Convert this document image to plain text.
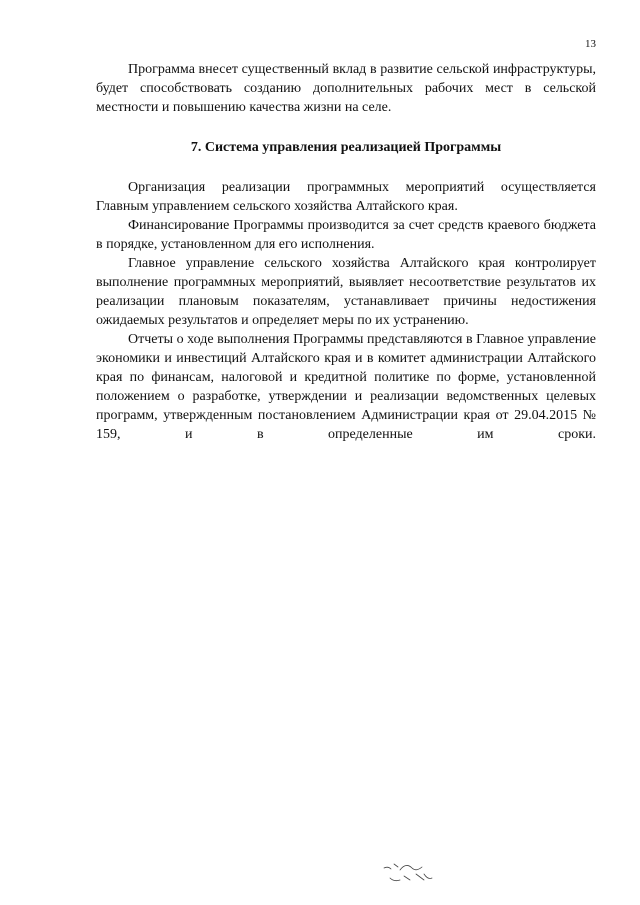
13

Программа внесет существенный вклад в развитие сельской инфраструктуры, будет способствовать созданию дополнительных рабочих мест в сельской местности и повышению качества жизни на селе.

7. Система управления реализацией Программы

Организация реализации программных мероприятий осуществляется Главным управлением сельского хозяйства Алтайского края.

Финансирование Программы производится за счет средств краевого бюджета в порядке, установленном для его исполнения.

Главное управление сельского хозяйства Алтайского края контролирует выполнение программных мероприятий, выявляет несоответствие результатов их реализации плановым показателям, устанавливает причины недостижения ожидаемых результатов и определяет меры по их устранению.

Отчеты о ходе выполнения Программы представляются в Главное управление экономики и инвестиций Алтайского края и в комитет администрации Алтайского края по финансам, налоговой и кредитной политике по форме, установленной положением о разработке, утверждении и реализации ведомственных целевых программ, утвержденным постановлением Администрации края от 29.04.2015 № 159, и в определенные им сроки.
